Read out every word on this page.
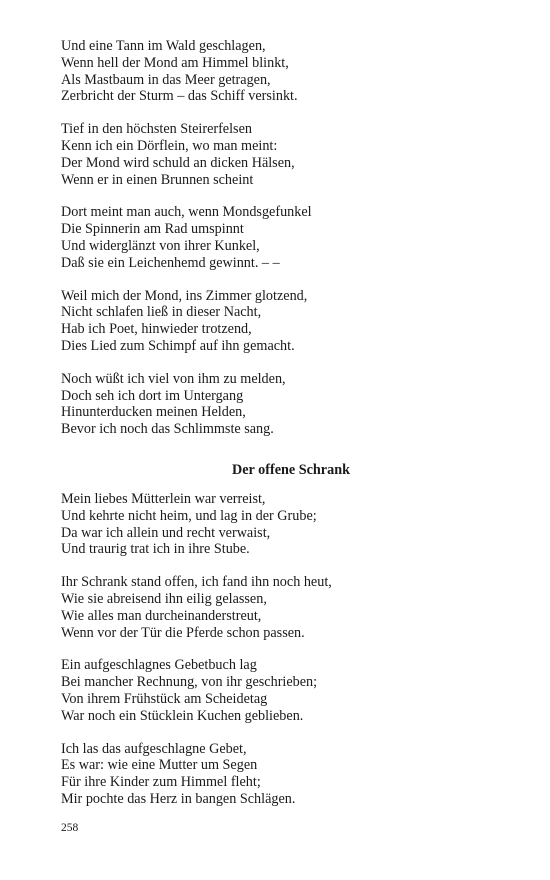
Und eine Tann im Wald geschlagen,
Wenn hell der Mond am Himmel blinkt,
Als Mastbaum in das Meer getragen,
Zerbricht der Sturm – das Schiff versinkt.
Tief in den höchsten Steirerfelsen
Kenn ich ein Dörflein, wo man meint:
Der Mond wird schuld an dicken Hälsen,
Wenn er in einen Brunnen scheint
Dort meint man auch, wenn Mondsgefunkel
Die Spinnerin am Rad umspinnt
Und widerglänzt von ihrer Kunkel,
Daß sie ein Leichenhemd gewinnt. – –
Weil mich der Mond, ins Zimmer glotzend,
Nicht schlafen ließ in dieser Nacht,
Hab ich Poet, hinwieder trotzend,
Dies Lied zum Schimpf auf ihn gemacht.
Noch wüßt ich viel von ihm zu melden,
Doch seh ich dort im Untergang
Hinunterducken meinen Helden,
Bevor ich noch das Schlimmste sang.
Der offene Schrank
Mein liebes Mütterlein war verreist,
Und kehrte nicht heim, und lag in der Grube;
Da war ich allein und recht verwaist,
Und traurig trat ich in ihre Stube.
Ihr Schrank stand offen, ich fand ihn noch heut,
Wie sie abreisend ihn eilig gelassen,
Wie alles man durcheinanderstreut,
Wenn vor der Tür die Pferde schon passen.
Ein aufgeschlagnes Gebetbuch lag
Bei mancher Rechnung, von ihr geschrieben;
Von ihrem Frühstück am Scheidetag
War noch ein Stücklein Kuchen geblieben.
Ich las das aufgeschlagne Gebet,
Es war: wie eine Mutter um Segen
Für ihre Kinder zum Himmel fleht;
Mir pochte das Herz in bangen Schlägen.
258
